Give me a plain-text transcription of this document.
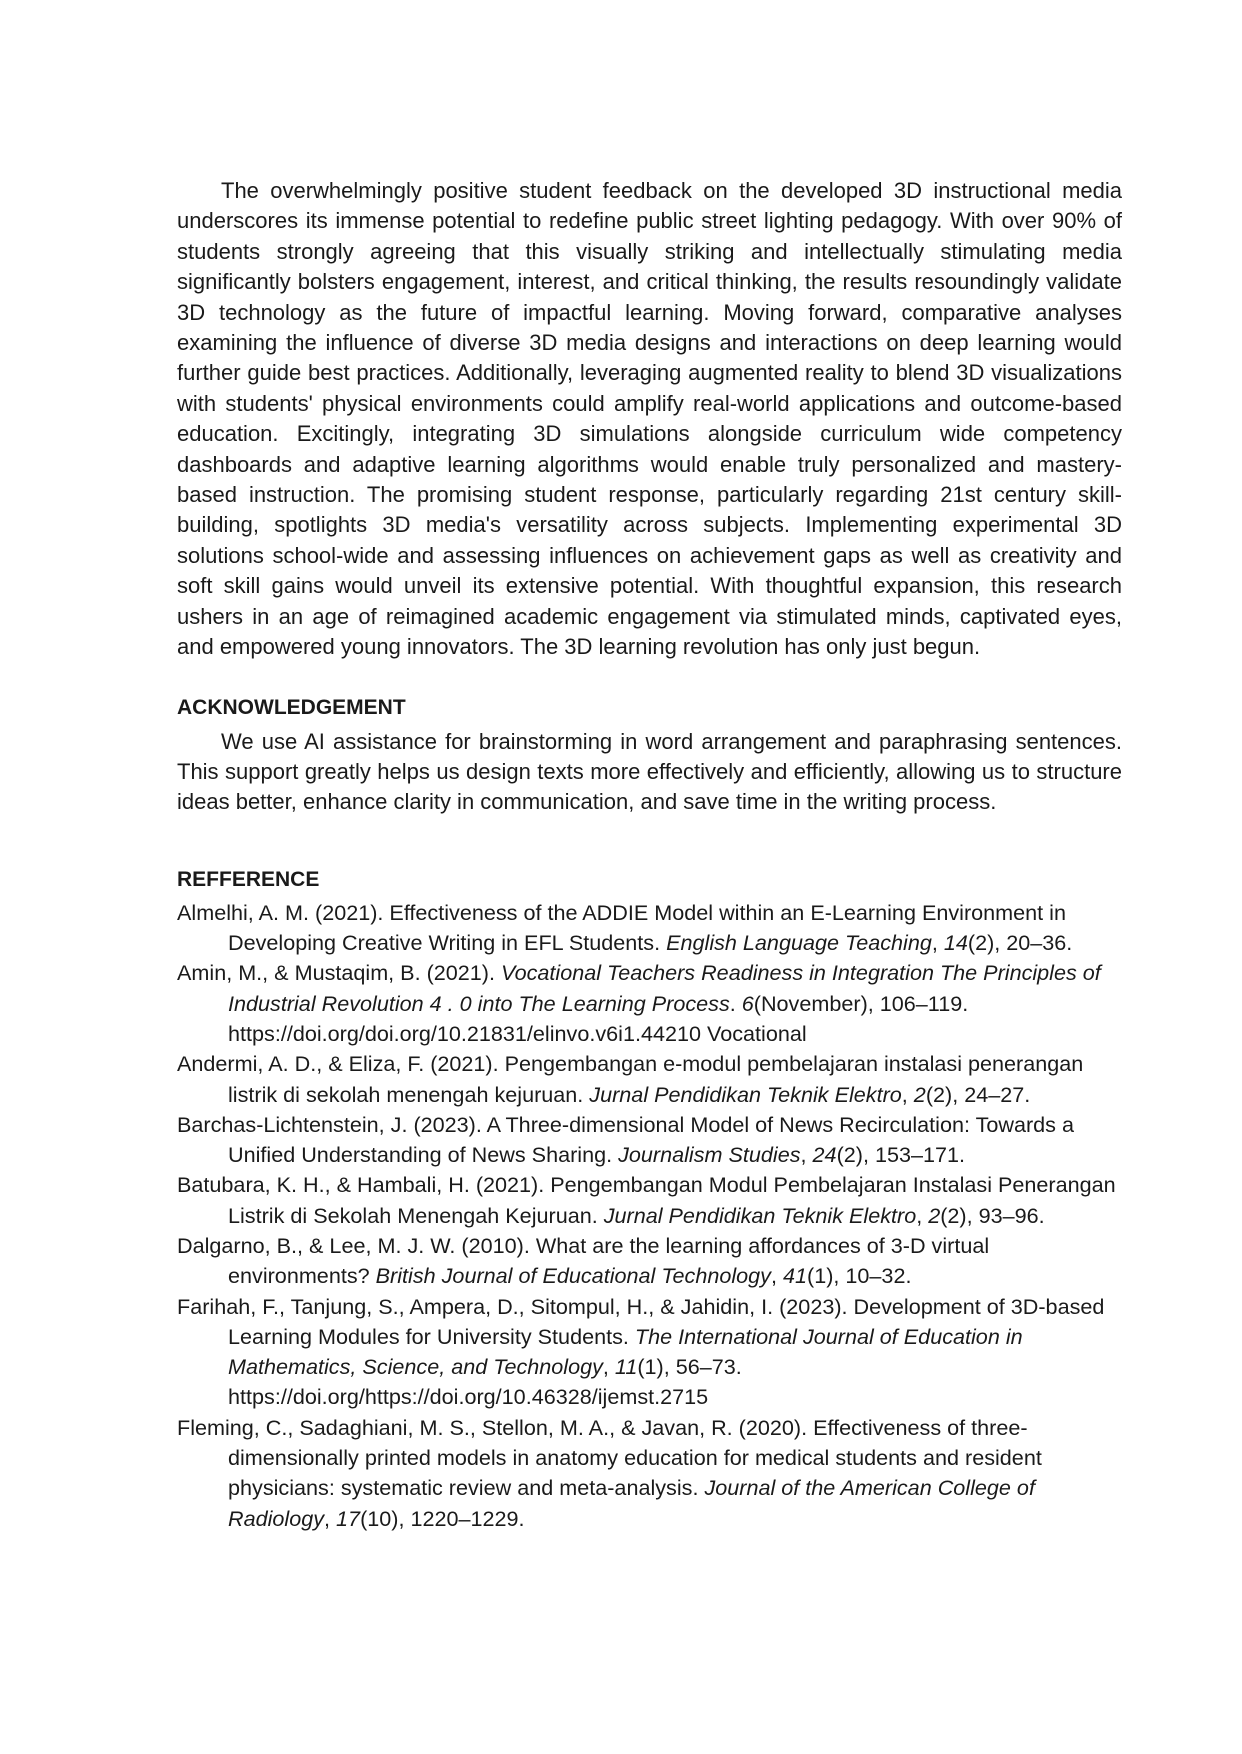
The overwhelmingly positive student feedback on the developed 3D instructional media underscores its immense potential to redefine public street lighting pedagogy. With over 90% of students strongly agreeing that this visually striking and intellectually stimulating media significantly bolsters engagement, interest, and critical thinking, the results resoundingly validate 3D technology as the future of impactful learning. Moving forward, comparative analyses examining the influence of diverse 3D media designs and interactions on deep learning would further guide best practices. Additionally, leveraging augmented reality to blend 3D visualizations with students' physical environments could amplify real-world applications and outcome-based education. Excitingly, integrating 3D simulations alongside curriculum wide competency dashboards and adaptive learning algorithms would enable truly personalized and mastery-based instruction. The promising student response, particularly regarding 21st century skill-building, spotlights 3D media's versatility across subjects. Implementing experimental 3D solutions school-wide and assessing influences on achievement gaps as well as creativity and soft skill gains would unveil its extensive potential. With thoughtful expansion, this research ushers in an age of reimagined academic engagement via stimulated minds, captivated eyes, and empowered young innovators. The 3D learning revolution has only just begun.

ACKNOWLEDGEMENT

We use AI assistance for brainstorming in word arrangement and paraphrasing sentences. This support greatly helps us design texts more effectively and efficiently, allowing us to structure ideas better, enhance clarity in communication, and save time in the writing process.

REFFERENCE
Almelhi, A. M. (2021). Effectiveness of the ADDIE Model within an E-Learning Environment in Developing Creative Writing in EFL Students. English Language Teaching, 14(2), 20–36.
Amin, M., & Mustaqim, B. (2021). Vocational Teachers Readiness in Integration The Principles of Industrial Revolution 4 . 0 into The Learning Process. 6(November), 106–119. https://doi.org/doi.org/10.21831/elinvo.v6i1.44210 Vocational
Andermi, A. D., & Eliza, F. (2021). Pengembangan e-modul pembelajaran instalasi penerangan listrik di sekolah menengah kejuruan. Jurnal Pendidikan Teknik Elektro, 2(2), 24–27.
Barchas-Lichtenstein, J. (2023). A Three-dimensional Model of News Recirculation: Towards a Unified Understanding of News Sharing. Journalism Studies, 24(2), 153–171.
Batubara, K. H., & Hambali, H. (2021). Pengembangan Modul Pembelajaran Instalasi Penerangan Listrik di Sekolah Menengah Kejuruan. Jurnal Pendidikan Teknik Elektro, 2(2), 93–96.
Dalgarno, B., & Lee, M. J. W. (2010). What are the learning affordances of 3-D virtual environments? British Journal of Educational Technology, 41(1), 10–32.
Farihah, F., Tanjung, S., Ampera, D., Sitompul, H., & Jahidin, I. (2023). Development of 3D-based Learning Modules for University Students. The International Journal of Education in Mathematics, Science, and Technology, 11(1), 56–73. https://doi.org/https://doi.org/10.46328/ijemst.2715
Fleming, C., Sadaghiani, M. S., Stellon, M. A., & Javan, R. (2020). Effectiveness of three-dimensionally printed models in anatomy education for medical students and resident physicians: systematic review and meta-analysis. Journal of the American College of Radiology, 17(10), 1220–1229.
